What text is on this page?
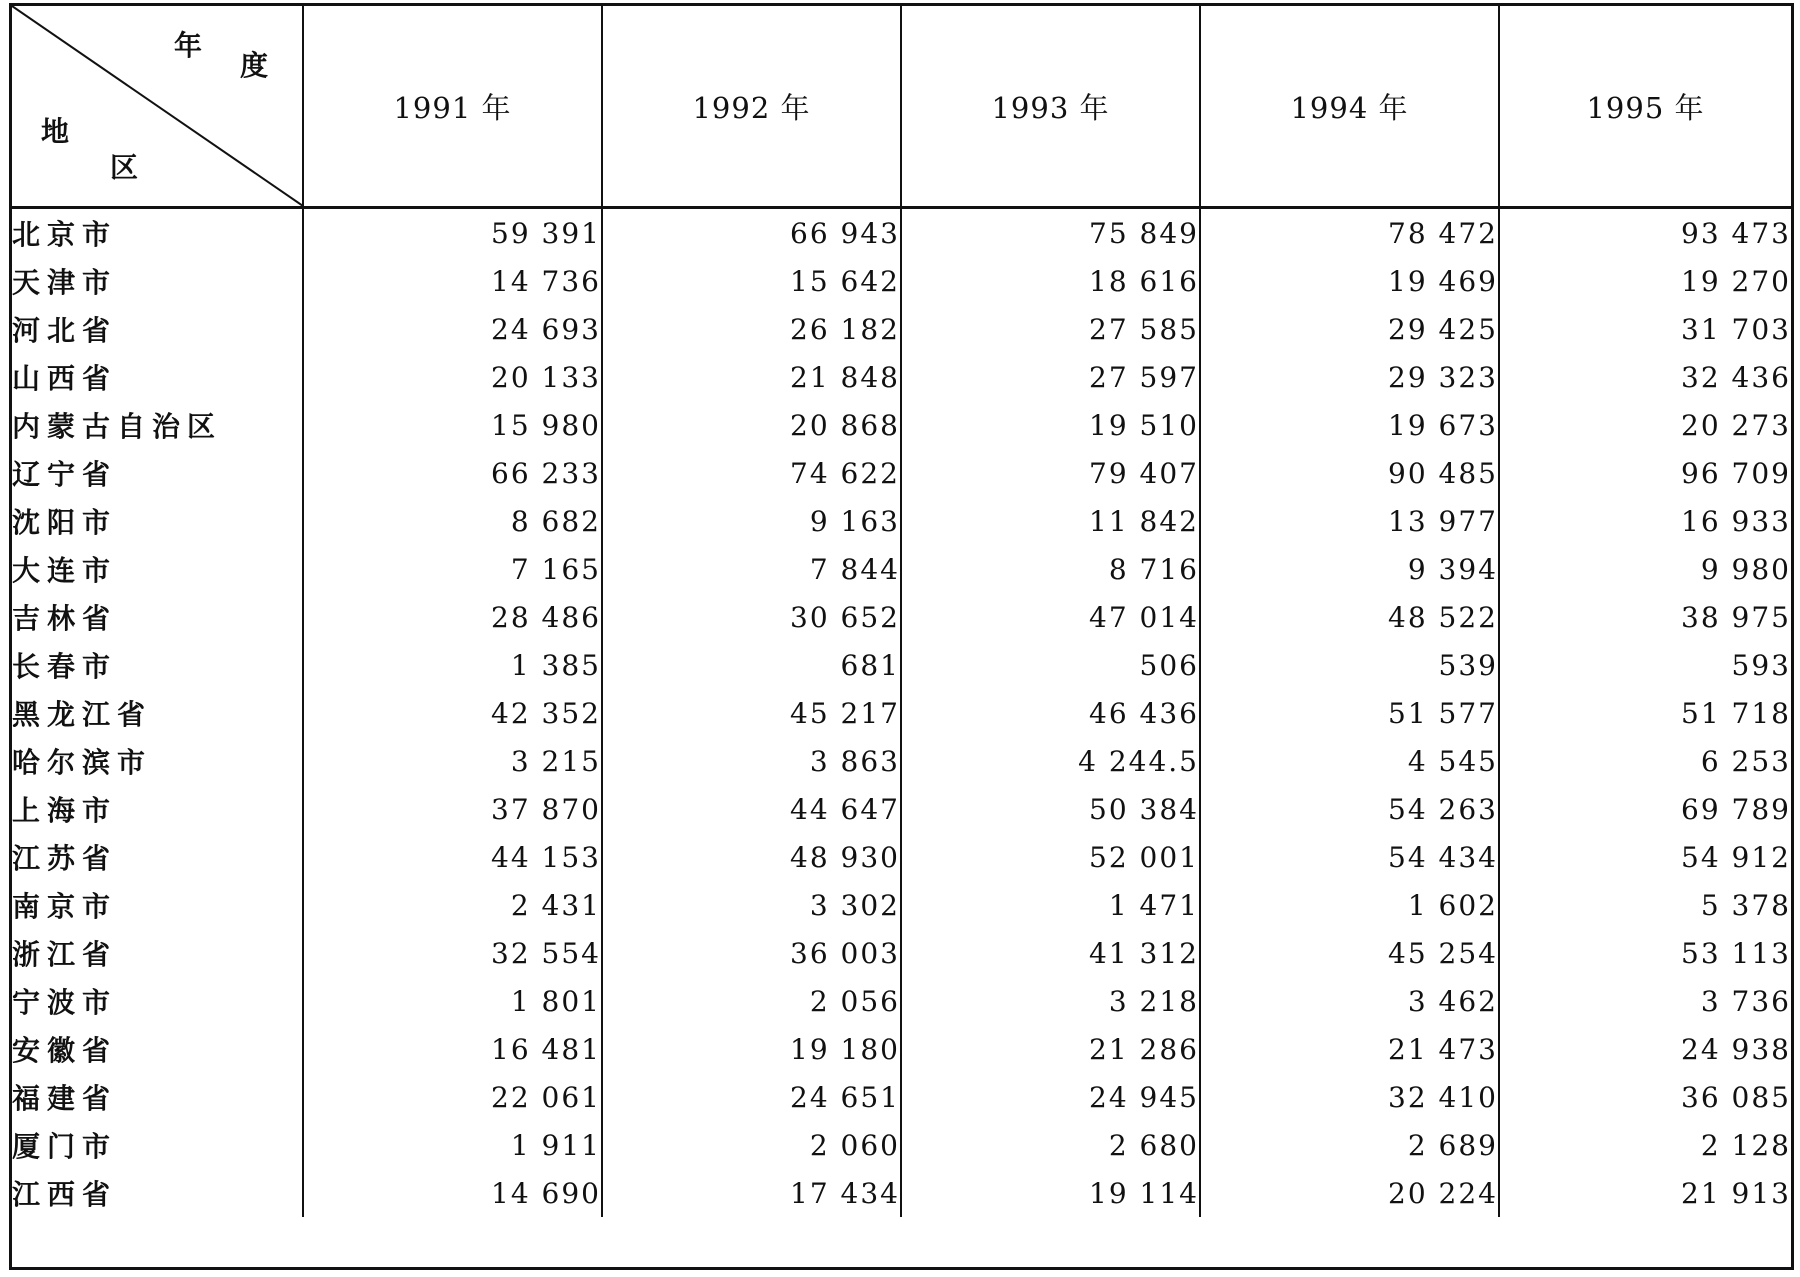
年
度
地
区	1991 年	1992 年	1993 年	1994 年	1995 年
北京市	59 391	66 943	75 849	78 472	93 473
天津市	14 736	15 642	18 616	19 469	19 270
河北省	24 693	26 182	27 585	29 425	31 703
山西省	20 133	21 848	27 597	29 323	32 436
内蒙古自治区	15 980	20 868	19 510	19 673	20 273
辽宁省	66 233	74 622	79 407	90 485	96 709
沈阳市	8 682	9 163	11 842	13 977	16 933
大连市	7 165	7 844	8 716	9 394	9 980
吉林省	28 486	30 652	47 014	48 522	38 975
长春市	1 385	681	506	539	593
黑龙江省	42 352	45 217	46 436	51 577	51 718
哈尔滨市	3 215	3 863	4 244.5	4 545	6 253
上海市	37 870	44 647	50 384	54 263	69 789
江苏省	44 153	48 930	52 001	54 434	54 912
南京市	2 431	3 302	1 471	1 602	5 378
浙江省	32 554	36 003	41 312	45 254	53 113
宁波市	1 801	2 056	3 218	3 462	3 736
安徽省	16 481	19 180	21 286	21 473	24 938
福建省	22 061	24 651	24 945	32 410	36 085
厦门市	1 911	2 060	2 680	2 689	2 128
江西省	14 690	17 434	19 114	20 224	21 913
